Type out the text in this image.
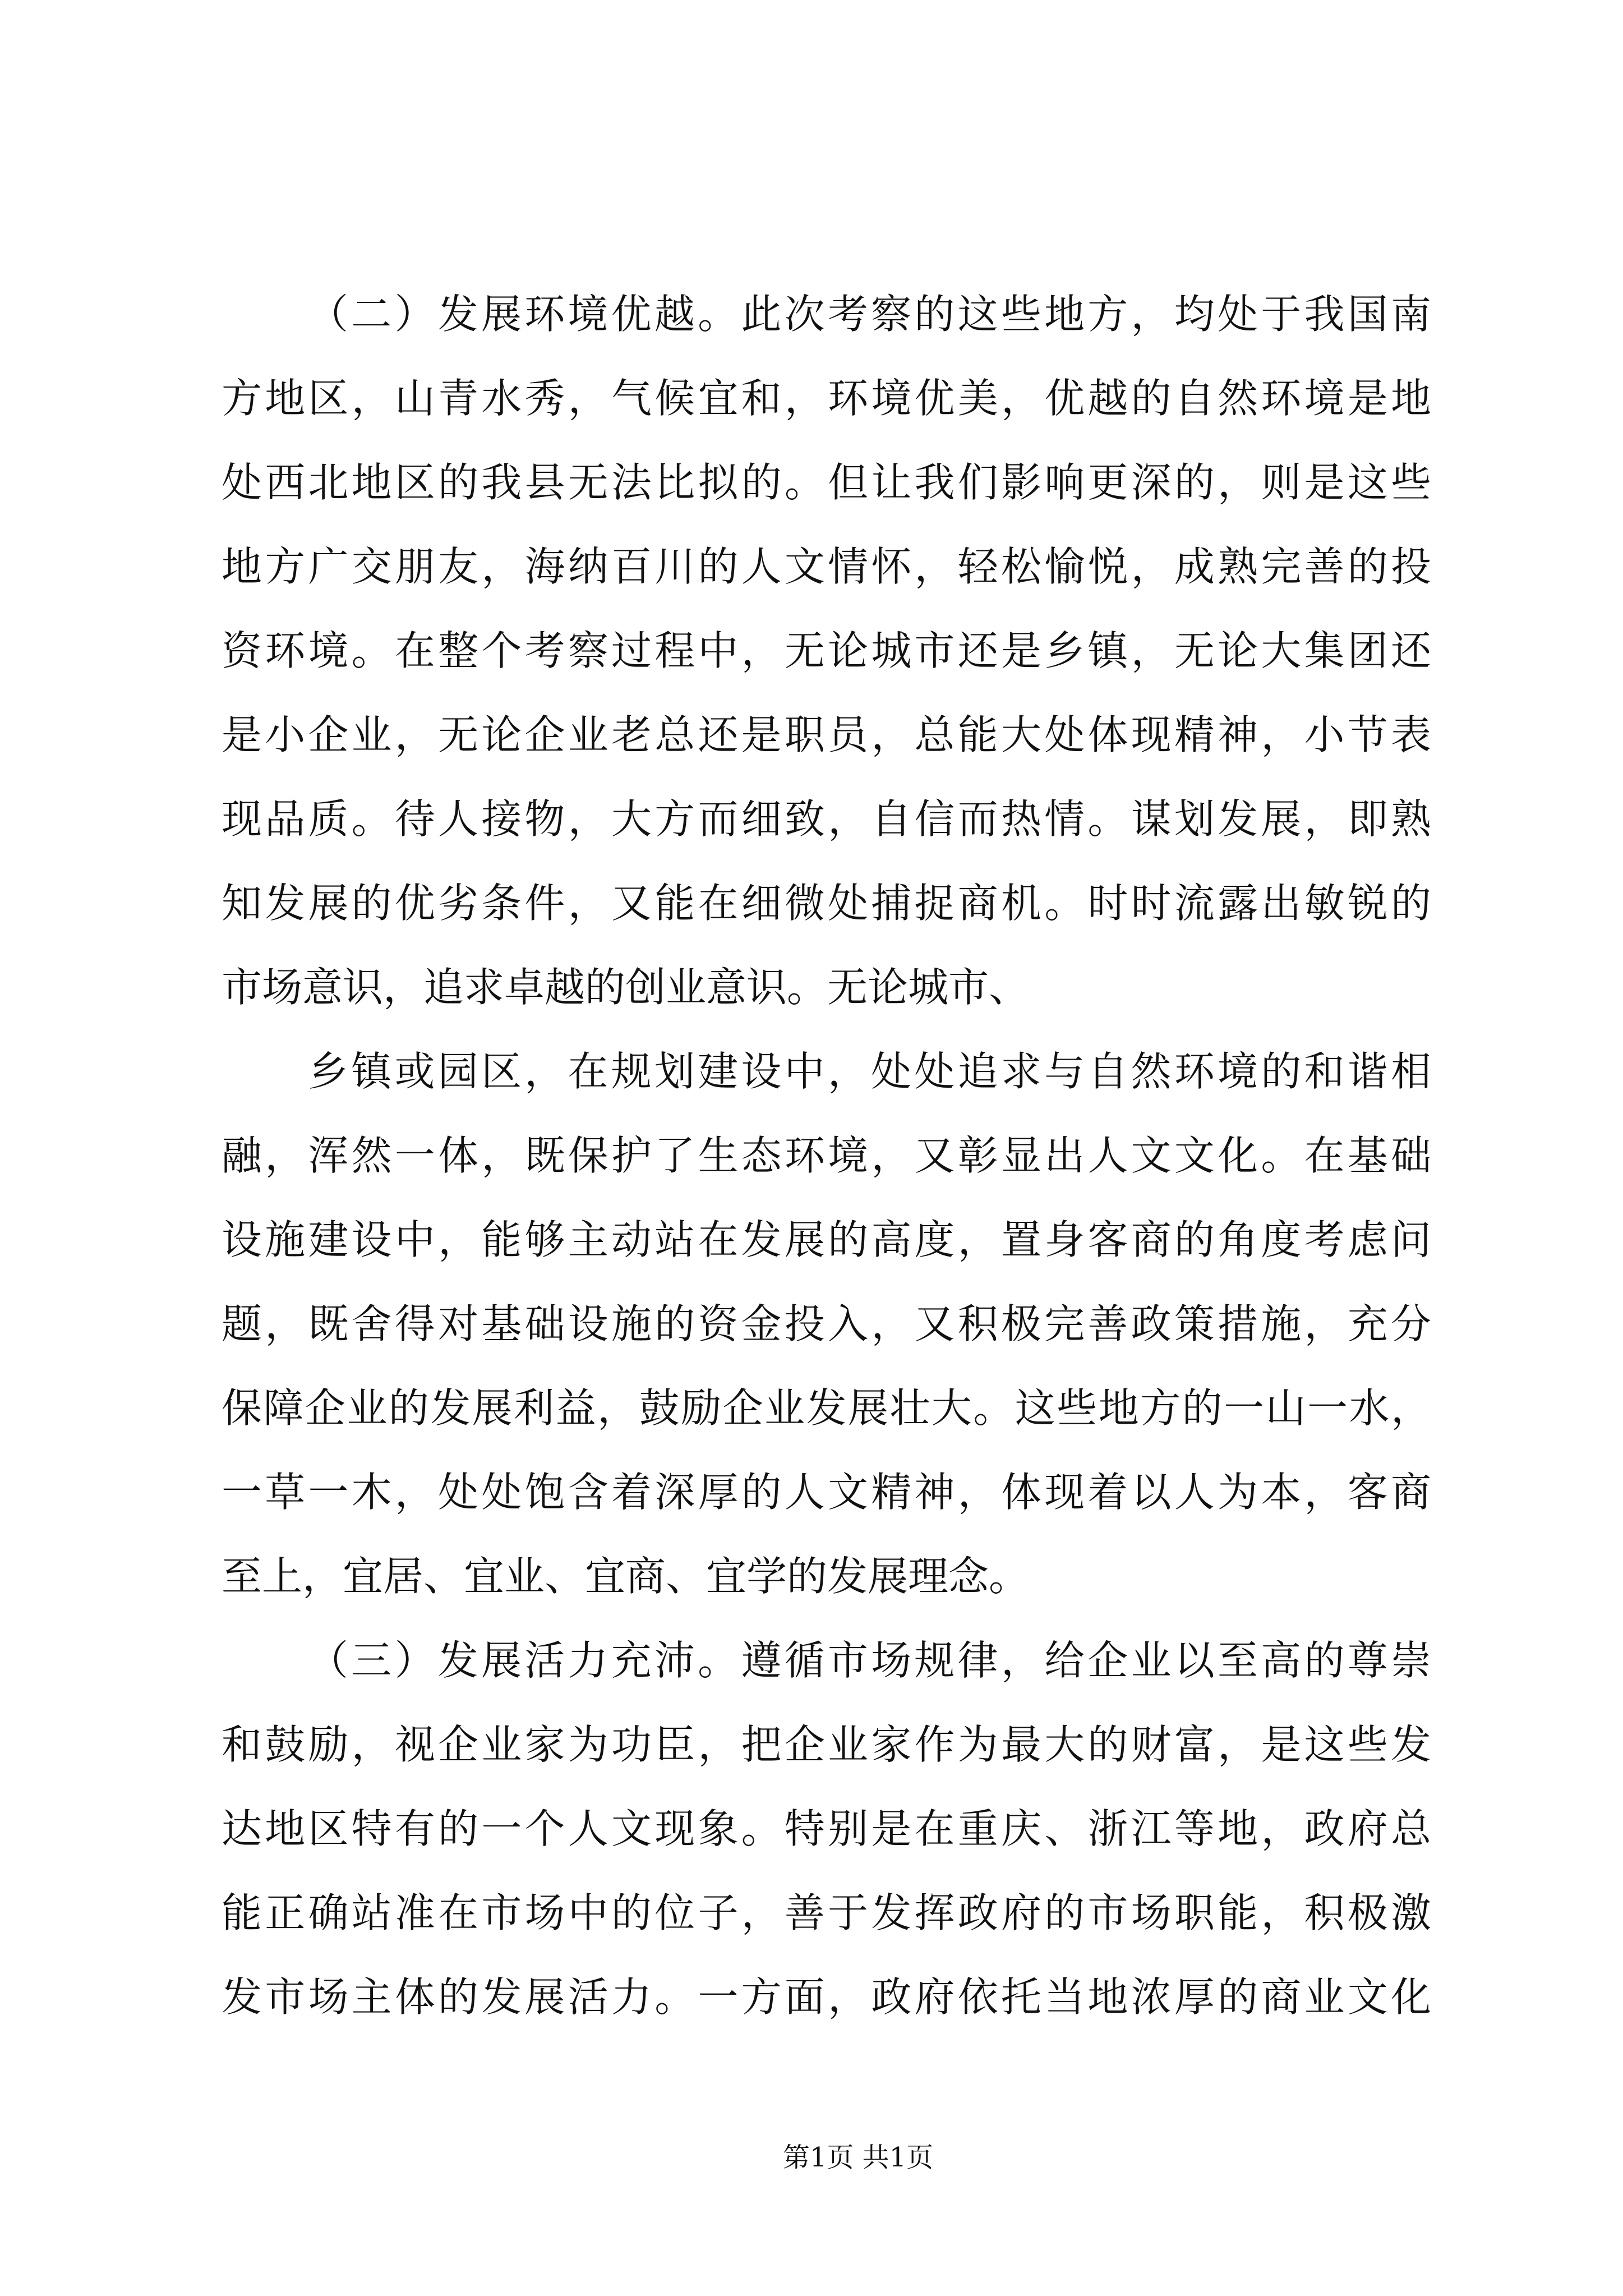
（二）发展环境优越。此次考察的这些地方，均处于我国南
方地区，山青水秀，气候宜和，环境优美，优越的自然环境是地
处西北地区的我县无法比拟的。但让我们影响更深的，则是这些
地方广交朋友，海纳百川的人文情怀，轻松愉悦，成熟完善的投
资环境。在整个考察过程中，无论城市还是乡镇，无论大集团还
是小企业，无论企业老总还是职员，总能大处体现精神，小节表
现品质。待人接物，大方而细致，自信而热情。谋划发展，即熟
知发展的优劣条件，又能在细微处捕捉商机。时时流露出敏锐的
市场意识，追求卓越的创业意识。无论城市、
乡镇或园区，在规划建设中，处处追求与自然环境的和谐相
融，浑然一体，既保护了生态环境，又彰显出人文文化。在基础
设施建设中，能够主动站在发展的高度，置身客商的角度考虑问
题，既舍得对基础设施的资金投入，又积极完善政策措施，充分
保障企业的发展利益，鼓励企业发展壮大。这些地方的一山一水，
一草一木，处处饱含着深厚的人文精神，体现着以人为本，客商
至上，宜居、宜业、宜商、宜学的发展理念。
（三）发展活力充沛。遵循市场规律，给企业以至高的尊崇
和鼓励，视企业家为功臣，把企业家作为最大的财富，是这些发
达地区特有的一个人文现象。特别是在重庆、浙江等地，政府总
能正确站准在市场中的位子，善于发挥政府的市场职能，积极激
发市场主体的发展活力。一方面，政府依托当地浓厚的商业文化
第1页 共1页
